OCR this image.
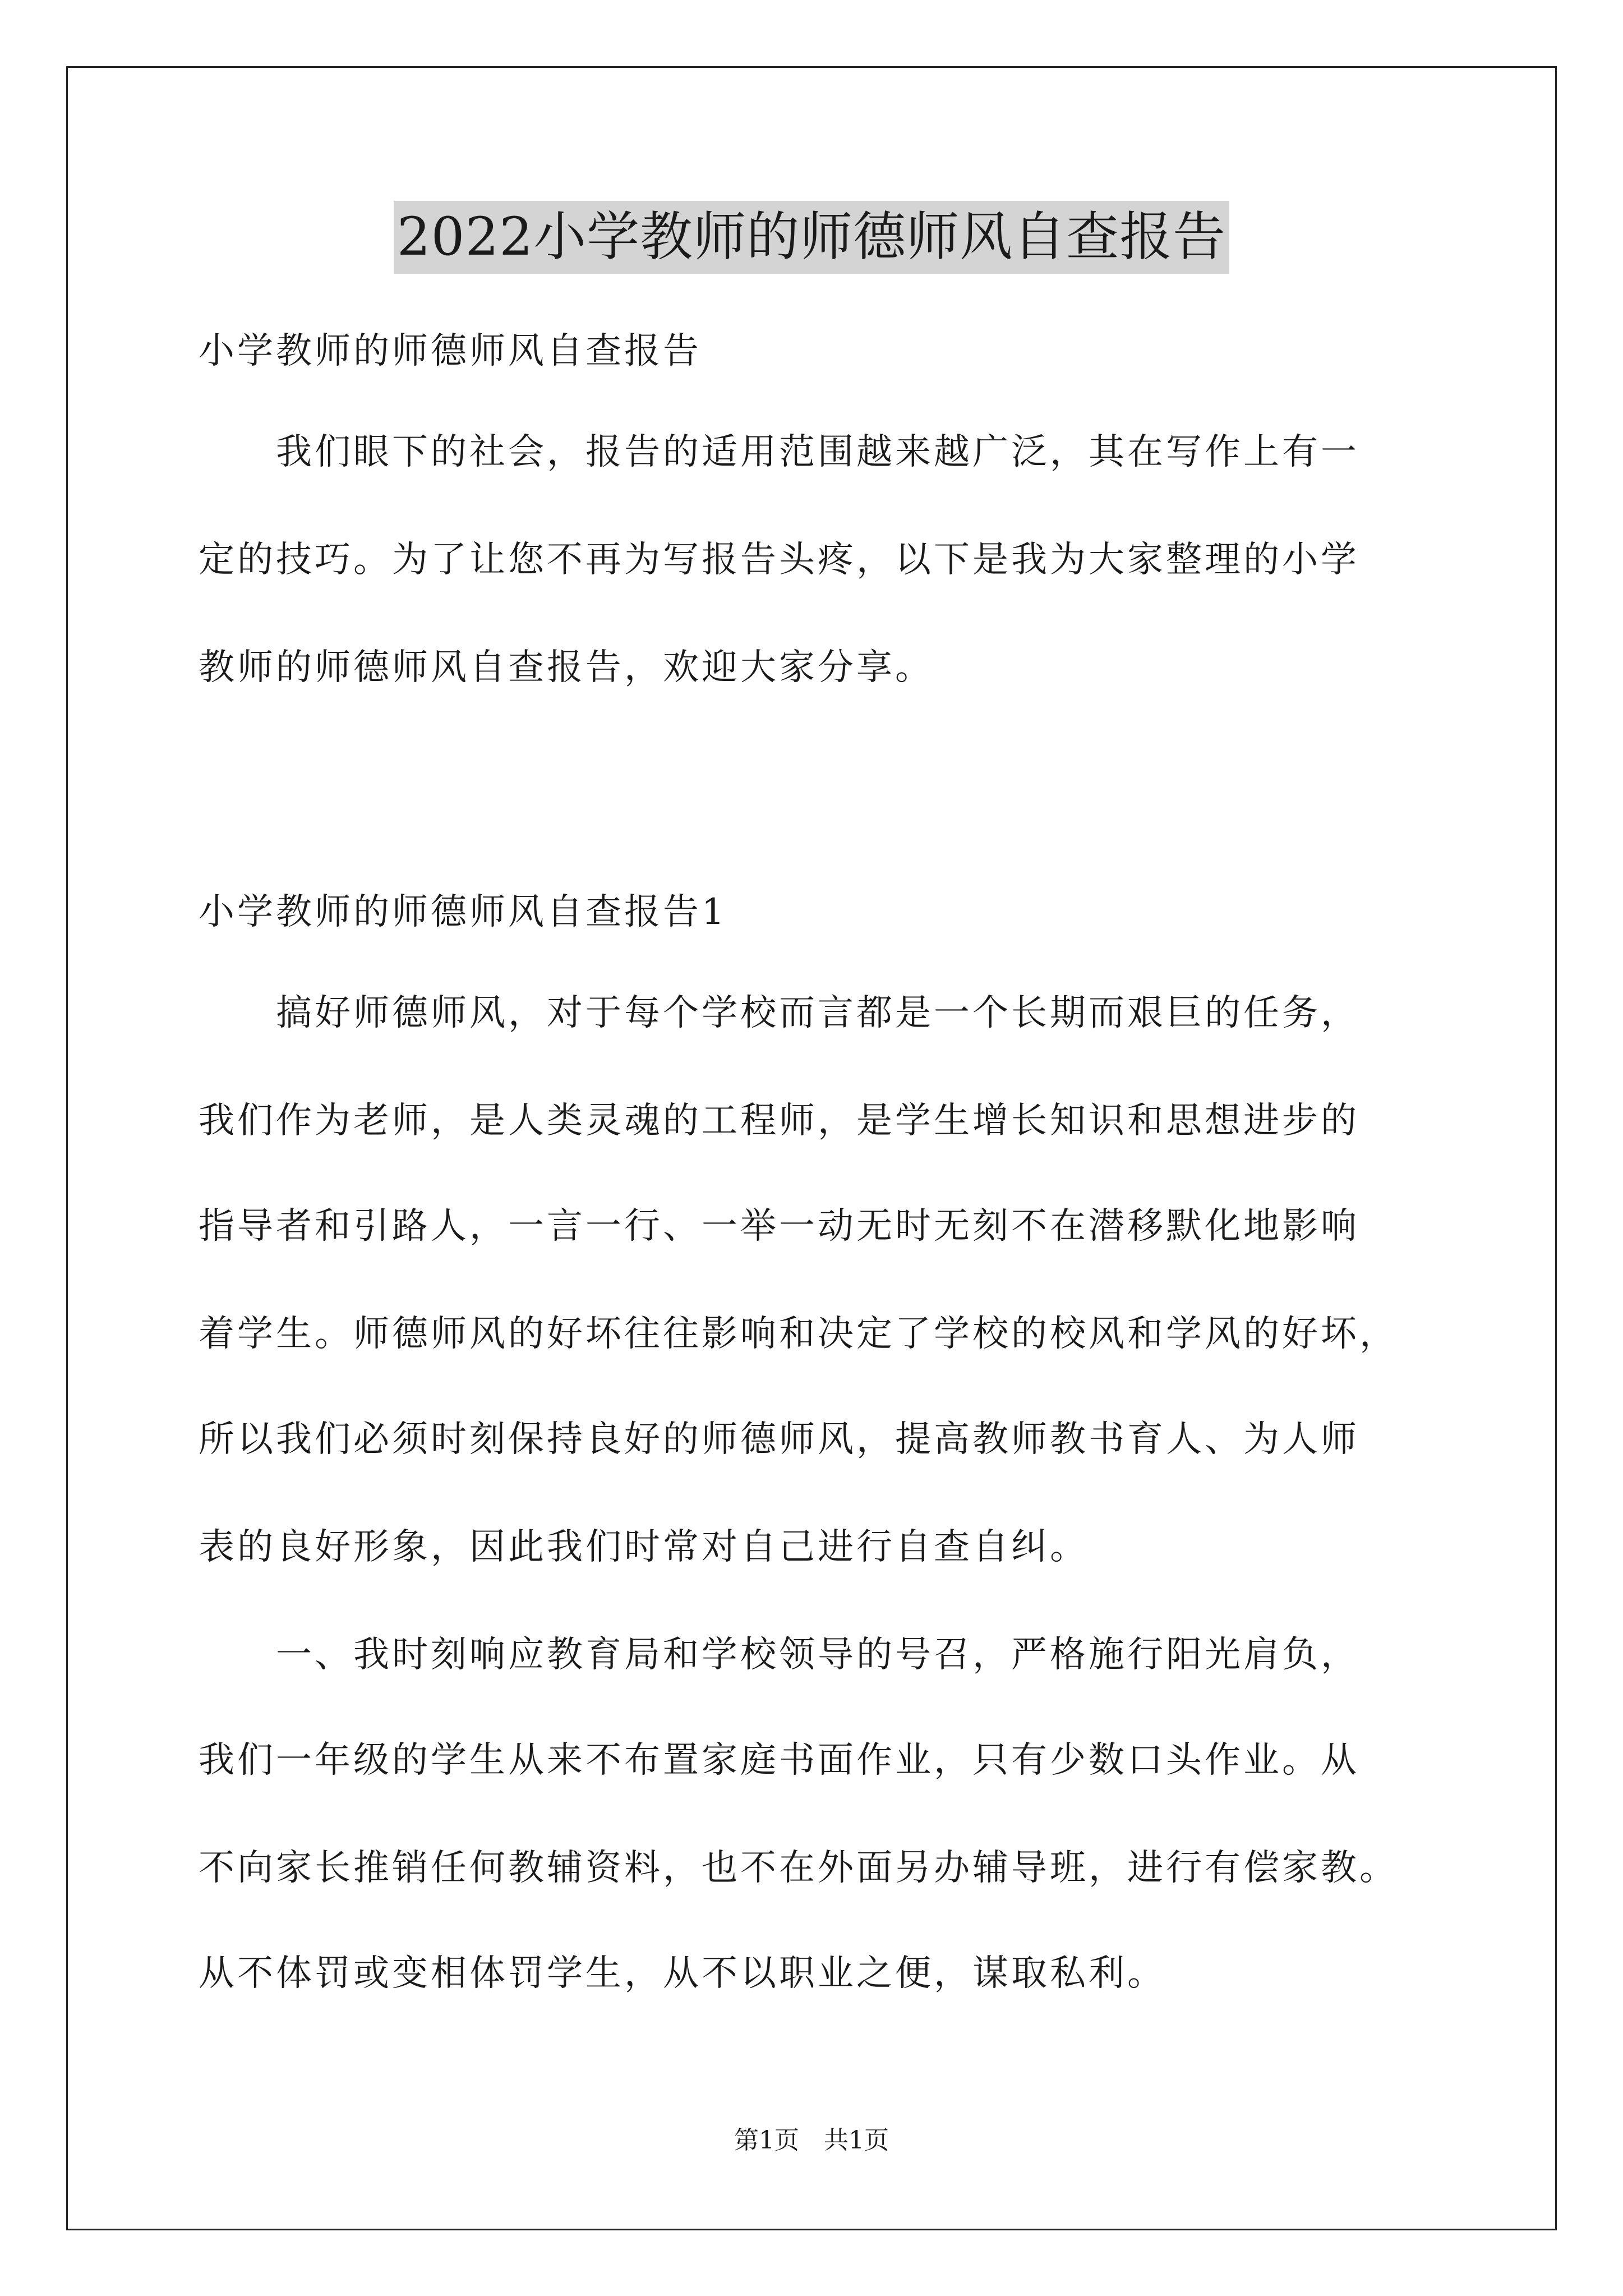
2022小学教师的师德师风自查报告

小学教师的师德师风自查报告

　　我们眼下的社会，报告的适用范围越来越广泛，其在写作上有一

定的技巧。为了让您不再为写报告头疼，以下是我为大家整理的小学

教师的师德师风自查报告，欢迎大家分享。

小学教师的师德师风自查报告1

　　搞好师德师风，对于每个学校而言都是一个长期而艰巨的任务，

我们作为老师，是人类灵魂的工程师，是学生增长知识和思想进步的

指导者和引路人，一言一行、一举一动无时无刻不在潜移默化地影响

着学生。师德师风的好坏往往影响和决定了学校的校风和学风的好坏，

所以我们必须时刻保持良好的师德师风，提高教师教书育人、为人师

表的良好形象，因此我们时常对自己进行自查自纠。

　　一、我时刻响应教育局和学校领导的号召，严格施行阳光肩负，

我们一年级的学生从来不布置家庭书面作业，只有少数口头作业。从

不向家长推销任何教辅资料，也不在外面另办辅导班，进行有偿家教。

从不体罚或变相体罚学生，从不以职业之便，谋取私利。

第1页　共1页
